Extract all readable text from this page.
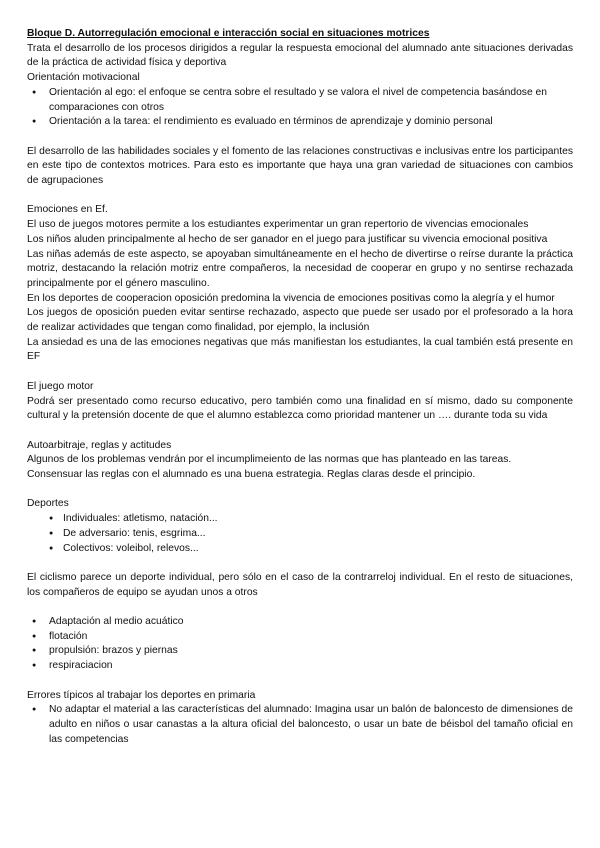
Bloque D. Autorregulación emocional e interacción social en situaciones motrices

Trata el desarrollo de los procesos dirigidos a regular la respuesta emocional del alumnado ante situaciones derivadas de la práctica de actividad física y deportiva

Orientación motivacional

● Orientación al ego: el enfoque se centra sobre el resultado y se valora el nivel de competencia basándose en comparaciones con otros
● Orientación a la tarea: el rendimiento es evaluado en términos de aprendizaje y dominio personal

El desarrollo de las habilidades sociales y el fomento de las relaciones constructivas e inclusivas entre los participantes en este tipo de contextos motrices. Para esto es importante que haya una gran variedad de situaciones con cambios de agrupaciones

Emociones en Ef.

El uso de juegos motores permite a los estudiantes experimentar un gran repertorio de vivencias emocionales

Los niños aluden principalmente al hecho de ser ganador en el juego para justificar su vivencia emocional positiva

Las niñas además de este aspecto, se apoyaban simultáneamente en el hecho de divertirse o reírse durante la práctica motriz, destacando la relación motriz entre compañeros, la necesidad de cooperar en grupo y no sentirse rechazada principalmente por el género masculino.

En los deportes de cooperacion oposición predomina la vivencia de emociones positivas como la alegría y el humor

Los juegos de oposición pueden evitar sentirse rechazado, aspecto que puede ser usado por el profesorado a la hora de realizar actividades que tengan como finalidad, por ejemplo, la inclusión

La ansiedad es una de las emociones negativas que más manifiestan los estudiantes, la cual también está presente en EF

El juego motor

Podrá ser presentado como recurso educativo, pero también como una finalidad en sí mismo, dado su componente cultural y la pretensión docente de que el alumno establezca como prioridad mantener un …. durante toda su vida

Autoarbitraje, reglas y actitudes

Algunos de los problemas vendrán por el incumplimeiento de las normas que has planteado en las tareas.

Consensuar las reglas con el alumnado es una buena estrategia. Reglas claras desde el principio.

Deportes

● Individuales: atletismo, natación...
● De adversario: tenis, esgrima...
● Colectivos: voleibol, relevos...

El ciclismo parece un deporte individual, pero sólo en el caso de la contrarreloj individual. En el resto de situaciones, los compañeros de equipo se ayudan unos a otros

● Adaptación al medio acuático
● flotación
● propulsión: brazos y piernas
● respiraciacion

Errores típicos al trabajar los deportes en primaria

● No adaptar el material a las características del alumnado: Imagina usar un balón de baloncesto de dimensiones de adulto en niños o usar canastas a la altura oficial del baloncesto, o usar un bate de béisbol del tamaño oficial en las competencias
